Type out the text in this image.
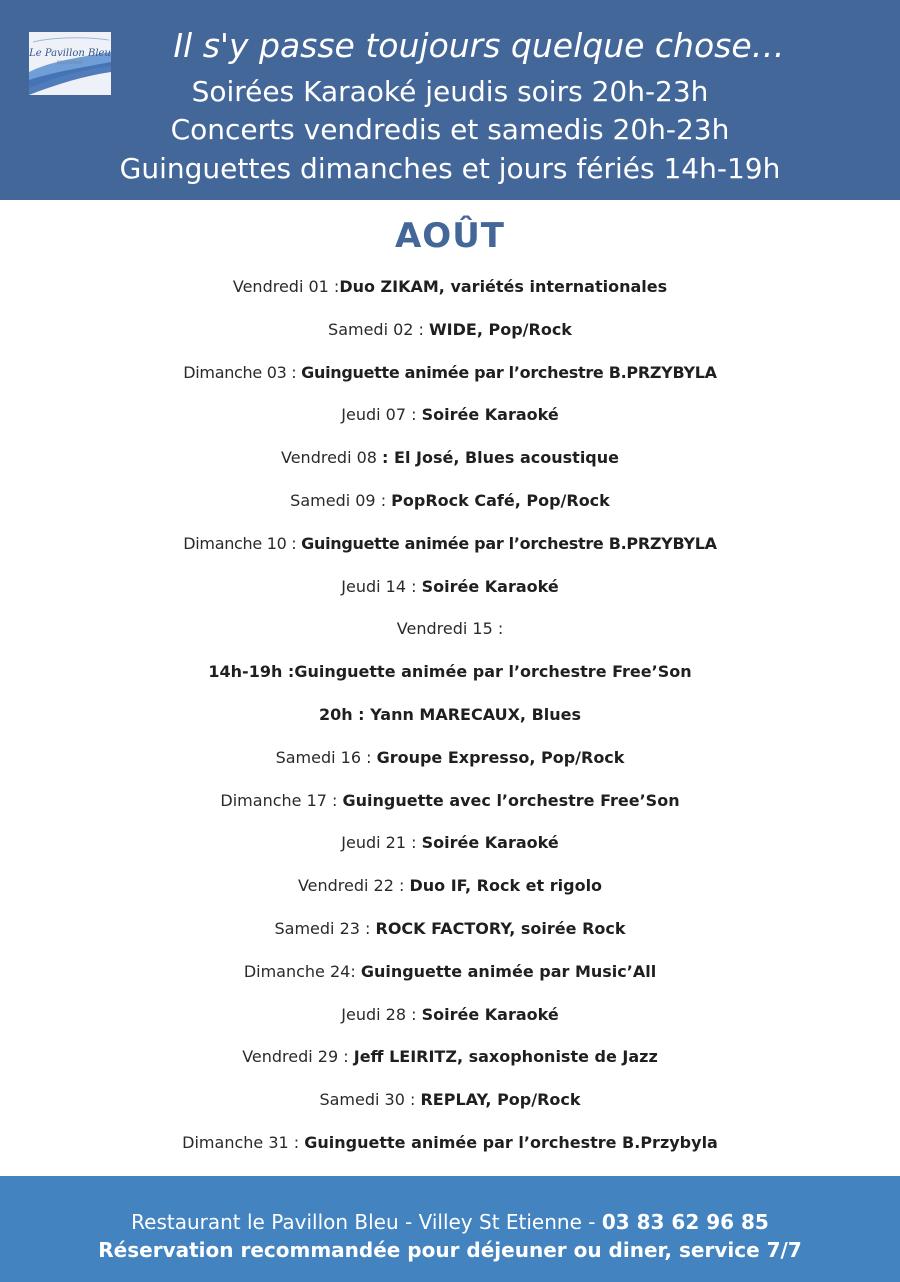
Le Pavillon Bleu
RESTAURANT	Il s'y passe toujours quelque chose…
Soirées Karaoké jeudis soirs 20h-23h
Concerts vendredis et samedis 20h-23h
Guinguettes dimanches et jours fériés 14h-19h
AOÛT
Vendredi 01 :Duo ZIKAM, variétés internationales
Samedi 02 : WIDE, Pop/Rock
Dimanche 03 : Guinguette animée par l’orchestre B.PRZYBYLA
Jeudi 07 : Soirée Karaoké
Vendredi 08 : El José, Blues acoustique
Samedi 09 : PopRock Café, Pop/Rock
Dimanche 10 : Guinguette animée par l’orchestre B.PRZYBYLA
Jeudi 14 : Soirée Karaoké
Vendredi 15 :
14h-19h :Guinguette animée par l’orchestre Free’Son
20h : Yann MARECAUX, Blues
Samedi 16 : Groupe Expresso, Pop/Rock
Dimanche 17 : Guinguette avec l’orchestre Free’Son
Jeudi 21 : Soirée Karaoké
Vendredi 22 : Duo IF, Rock et rigolo
Samedi 23 : ROCK FACTORY, soirée Rock
Dimanche 24: Guinguette animée par Music’All
Jeudi 28 : Soirée Karaoké
Vendredi 29 : Jeff LEIRITZ, saxophoniste de Jazz
Samedi 30 : REPLAY, Pop/Rock
Dimanche 31 : Guinguette animée par l’orchestre B.Przybyla
Restaurant le Pavillon Bleu - Villey St Etienne - 03 83 62 96 85
Réservation recommandée pour déjeuner ou diner, service 7/7
